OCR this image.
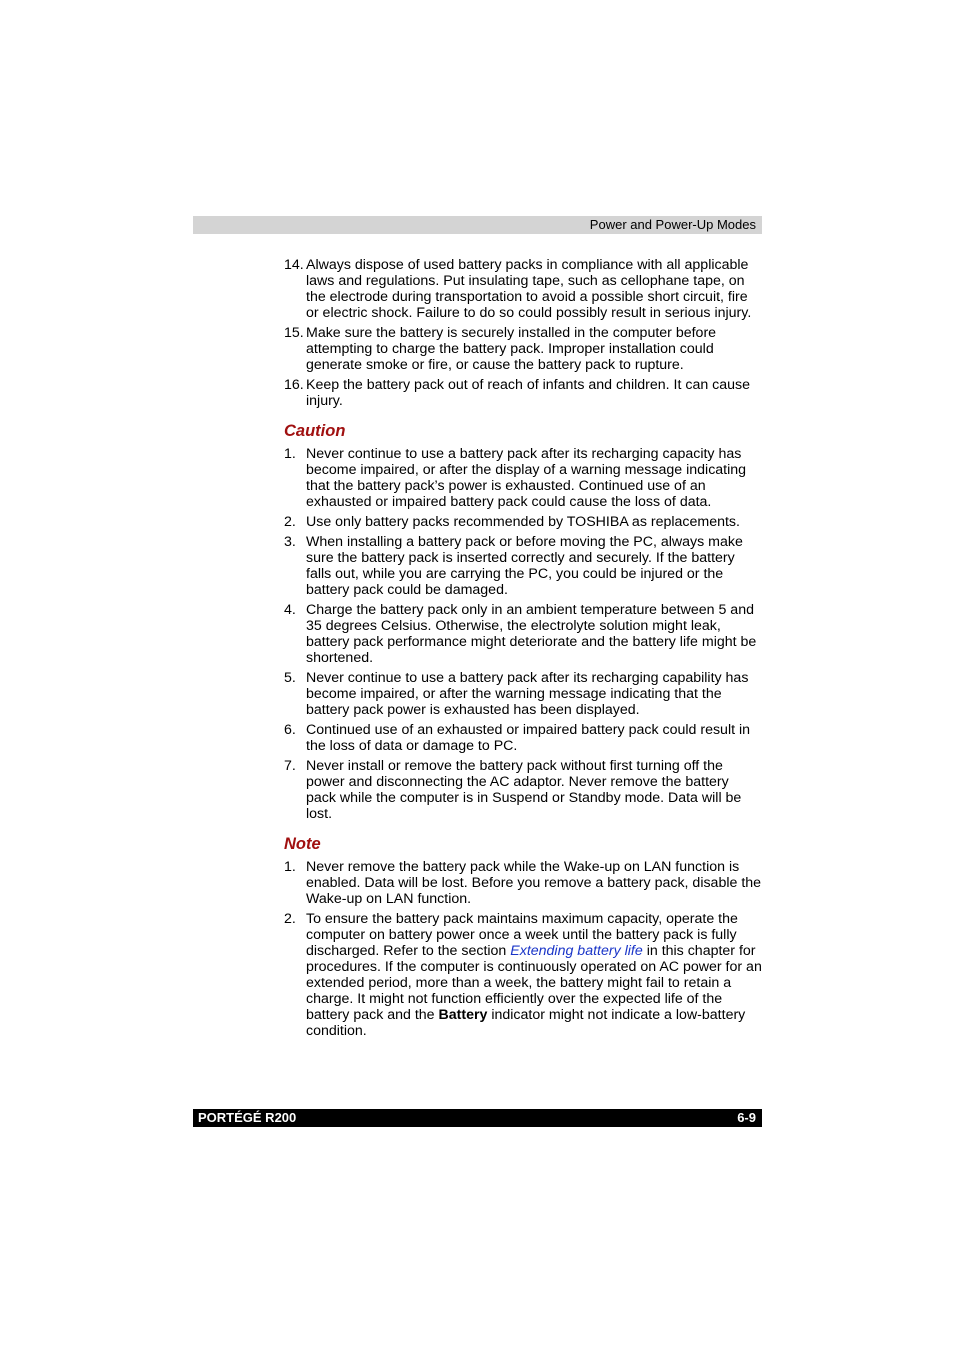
Power and Power-Up Modes
14. Always dispose of used battery packs in compliance with all applicable laws and regulations. Put insulating tape, such as cellophane tape, on the electrode during transportation to avoid a possible short circuit, fire or electric shock. Failure to do so could possibly result in serious injury.
15. Make sure the battery is securely installed in the computer before attempting to charge the battery pack. Improper installation could generate smoke or fire, or cause the battery pack to rupture.
16. Keep the battery pack out of reach of infants and children. It can cause injury.
Caution
1. Never continue to use a battery pack after its recharging capacity has become impaired, or after the display of a warning message indicating that the battery pack’s power is exhausted. Continued use of an exhausted or impaired battery pack could cause the loss of data.
2. Use only battery packs recommended by TOSHIBA as replacements.
3. When installing a battery pack or before moving the PC, always make sure the battery pack is inserted correctly and securely. If the battery falls out, while you are carrying the PC, you could be injured or the battery pack could be damaged.
4. Charge the battery pack only in an ambient temperature between 5 and 35 degrees Celsius. Otherwise, the electrolyte solution might leak, battery pack performance might deteriorate and the battery life might be shortened.
5. Never continue to use a battery pack after its recharging capability has become impaired, or after the warning message indicating that the battery pack power is exhausted has been displayed.
6. Continued use of an exhausted or impaired battery pack could result in the loss of data or damage to PC.
7. Never install or remove the battery pack without first turning off the power and disconnecting the AC adaptor. Never remove the battery pack while the computer is in Suspend or Standby mode. Data will be lost.
Note
1. Never remove the battery pack while the Wake-up on LAN function is enabled. Data will be lost. Before you remove a battery pack, disable the Wake-up on LAN function.
2. To ensure the battery pack maintains maximum capacity, operate the computer on battery power once a week until the battery pack is fully discharged. Refer to the section Extending battery life in this chapter for procedures. If the computer is continuously operated on AC power for an extended period, more than a week, the battery might fail to retain a charge. It might not function efficiently over the expected life of the battery pack and the Battery indicator might not indicate a low-battery condition.
PORTÉGÉ R200	6-9
